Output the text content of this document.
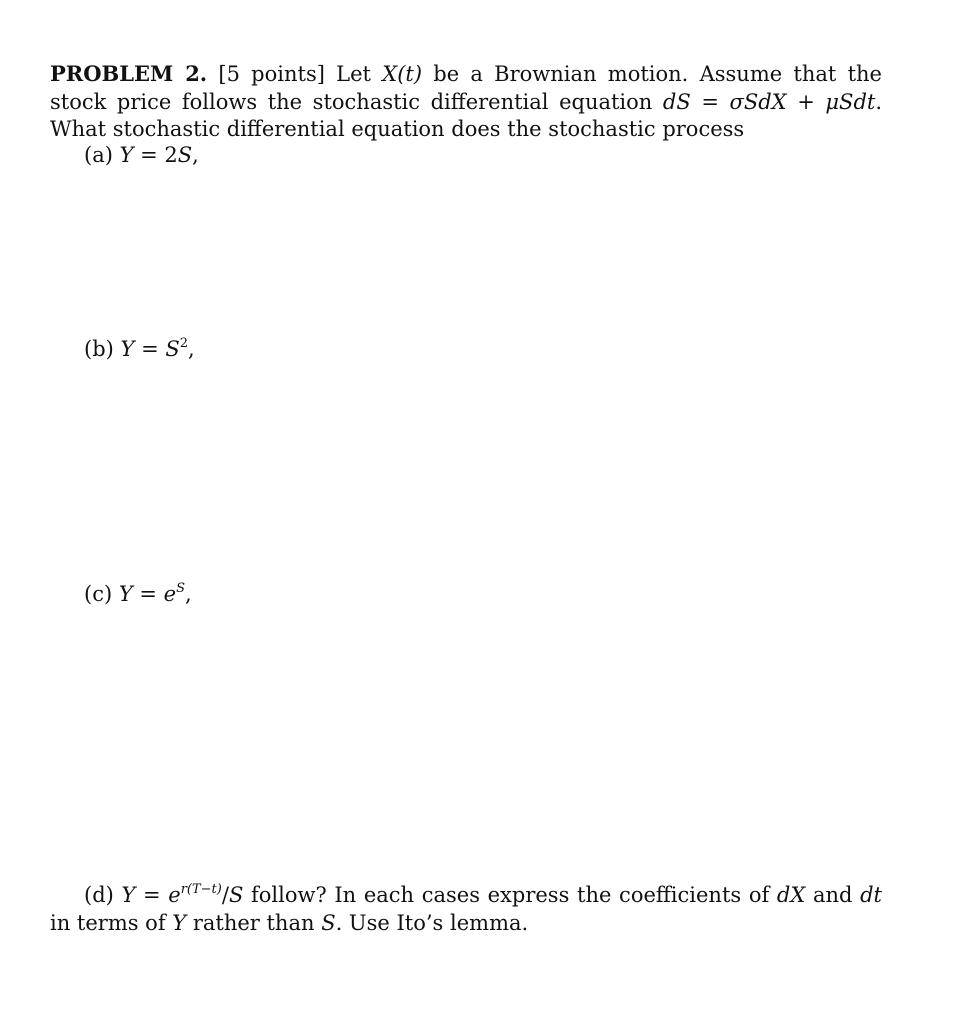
PROBLEM 2. [5 points] Let X(t) be a Brownian motion. Assume that the stock price follows the stochastic differential equation dS = σSdX + μSdt. What stochastic differential equation does the stochastic process
(a) Y = 2S,
(b) $Y = S^2$,
(c) $Y = e^S$,
(d) $Y = e^{r(T-t)}/S$ follow? In each cases express the coefficients of dX and dt in terms of Y rather than S. Use Ito’s lemma.
